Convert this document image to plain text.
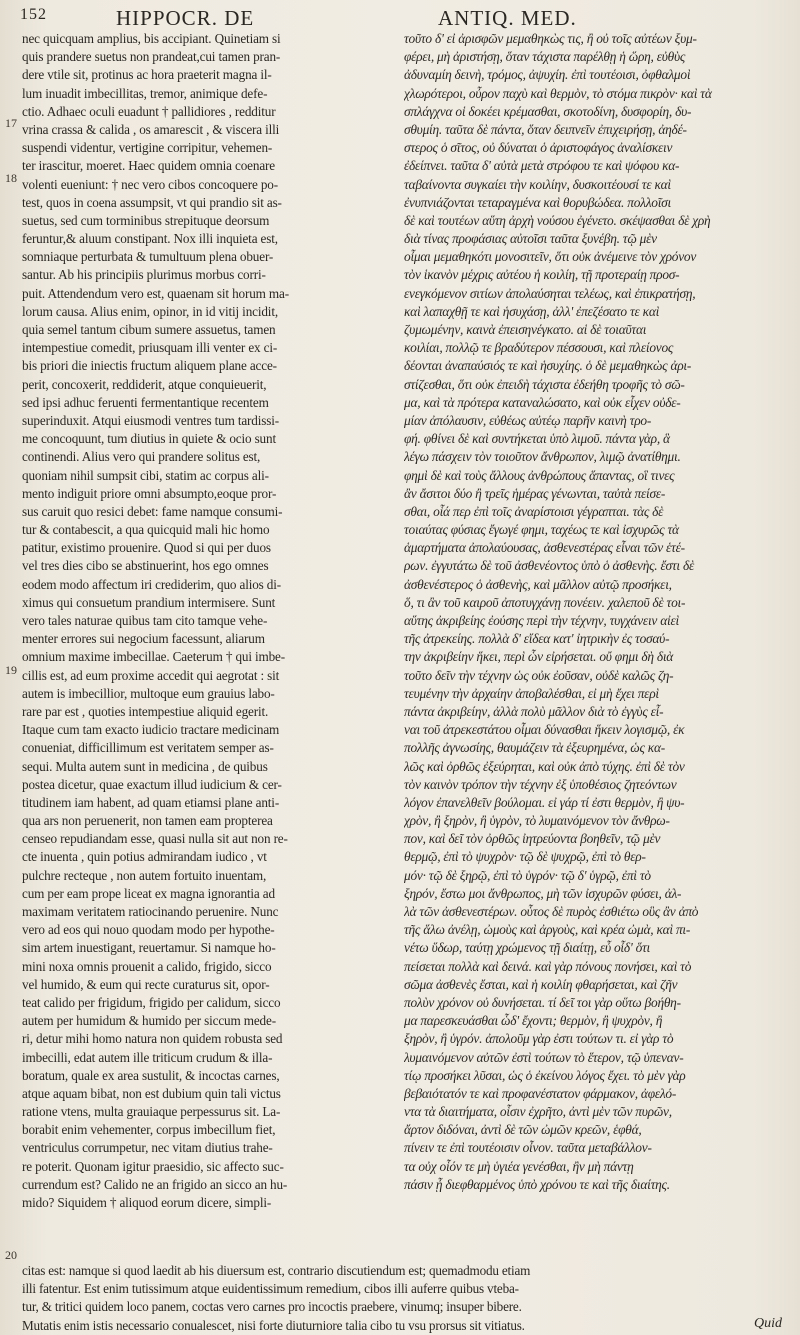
152	HIPPOCR. DE	ANTIQ. MED.
17
18
19
20
nec quicquam amplius, bis accipiant. Quinetiam si
quis prandere suetus non prandeat,cui tamen pran-
dere vtile sit, protinus ac hora praeterit magna il-
lum inuadit imbecillitas, tremor, animique defe-
ctio. Adhaec oculi euadunt † pallidiores , redditur
vrina crassa & calida , os amarescit , & viscera illi
suspendi videntur, vertigine corripitur, vehemen-
ter irascitur, moeret. Haec quidem omnia coenare
volenti eueniunt: † nec vero cibos concoquere po-
test, quos in coena assumpsit, vt qui prandio sit as-
suetus, sed cum torminibus strepituque deorsum
feruntur,& aluum constipant. Nox illi inquieta est,
somniaque perturbata & tumultuum plena obuer-
santur. Ab his principiis plurimus morbus corri-
puit. Attendendum vero est, quaenam sit horum ma-
lorum causa. Alius enim, opinor, in id vitij incidit,
quia semel tantum cibum sumere assuetus, tamen
intempestiue comedit, priusquam illi venter ex ci-
bis priori die iniectis fructum aliquem plane acce-
perit, concoxerit, reddiderit, atque conquieuerit,
sed ipsi adhuc feruenti fermentantique recentem
superinduxit. Atqui eiusmodi ventres tum tardissi-
me concoquunt, tum diutius in quiete & ocio sunt
continendi. Alius vero qui prandere solitus est,
quoniam nihil sumpsit cibi, statim ac corpus ali-
mento indiguit priore omni absumpto,eoque pror-
sus caruit quo resici debet: fame namque consumi-
tur & contabescit, a qua quicquid mali hic homo
patitur, existimo prouenire. Quod si qui per duos
vel tres dies cibo se abstinuerint, hos ego omnes
eodem modo affectum iri crediderim, quo alios di-
ximus qui consuetum prandium intermisere. Sunt
vero tales naturae quibus tam cito tamque vehe-
menter errores sui negocium facessunt, aliarum
omnium maxime imbecillae. Caeterum † qui imbe-
cillis est, ad eum proxime accedit qui aegrotat : sit
autem is imbecillior, multoque eum grauius labo-
rare par est , quoties intempestiue aliquid egerit.
Itaque cum tam exacto iudicio tractare medicinam
conueniat, difficillimum est veritatem semper as-
sequi. Multa autem sunt in medicina , de quibus
postea dicetur, quae exactum illud iudicium & cer-
titudinem iam habent, ad quam etiamsi plane anti-
qua ars non peruenerit, non tamen eam propterea
censeo repudiandam esse, quasi nulla sit aut non re-
cte inuenta , quin potius admirandam iudico , vt
pulchre recteque , non autem fortuito inuentam,
cum per eam prope liceat ex magna ignorantia ad
maximam veritatem ratiocinando peruenire. Nunc
vero ad eos qui nouo quodam modo per hypothe-
sim artem inuestigant, reuertamur. Si namque ho-
mini noxa omnis prouenit a calido, frigido, sicco
vel humido, & eum qui recte curaturus sit, opor-
teat calido per frigidum, frigido per calidum, sicco
autem per humidum & humido per siccum mede-
ri, detur mihi homo natura non quidem robusta sed
imbecilli, edat autem ille triticum crudum & illa-
boratum, quale ex area sustulit, & incoctas carnes,
atque aquam bibat, non est dubium quin tali victus
ratione vtens, multa grauiaque perpessurus sit. La-
borabit enim vehementer, corpus imbecillum fiet,
ventriculus corrumpetur, nec vitam diutius trahe-
re poterit. Quonam igitur praesidio, sic affecto suc-
currendum est? Calido ne an frigido an sicco an hu-
mido? Siquidem † aliquod eorum dicere, simpli-
τοῦτο δ' εἰ ἀρισφῶν μεμαθηκὼς τις, ἢ οὐ τοῖς αὐτέων ξυμ-
φέρει, μὴ ἀριστήσῃ, ὅταν τάχιστα παρέλθῃ ἡ ὥρη, εὐθὺς
ἀδυναμίη δεινὴ, τρόμος, ἀψυχίη. ἐπὶ τουτέοισι, ὀφθαλμοὶ
χλωρότεροι, οὖρον παχὺ καὶ θερμὸν, τὸ στόμα πικρὸν· καὶ τὰ
σπλάγχνα οἱ δοκέει κρέμασθαι, σκοτοδίνη, δυσφορίη, δυ-
σθυμίη. ταῦτα δὲ πάντα, ὅταν δειπνεῖν ἐπιχειρήσῃ, ἀηδέ-
στερος ὁ σῖτος, οὐ δύναται ὁ ἀριστοφάγος ἀναλίσκειν
ἐδείπνει. ταῦτα δ' αὐτὰ μετὰ στρόφου τε καὶ ψόφου κα-
ταβαίνοντα συγκαίει τὴν κοιλίην, δυσκοιτέουσί τε καὶ
ἐνυπνιάζονται τεταραγμένα καὶ θορυβώδεα. πολλοῖσι
δὲ καὶ τουτέων αὕτη ἀρχὴ νούσου ἐγένετο. σκέψασθαι δὲ χρὴ
διὰ τίνας προφάσιας αὐτοῖσι ταῦτα ξυνέβη. τῷ μὲν
οἶμαι μεμαθηκότι μονοσιτεῖν, ὅτι οὐκ ἀνέμεινε τὸν χρόνον
τὸν ἱκανὸν μέχρις αὐτέου ἡ κοιλίη, τῇ προτεραίῃ προσ-
ενεγκόμενον σιτίων ἀπολαύσηται τελέως, καὶ ἐπικρατήσῃ,
καὶ λαπαχθῇ τε καὶ ἡσυχάσῃ, ἀλλ' ἐπεζέσατο τε καὶ
ζυμωμένην, καινὰ ἐπεισηνέγκατο. αἱ δὲ τοιαῦται
κοιλίαι, πολλῷ τε βραδύτερον πέσσουσι, καὶ πλείονος
δέονται ἀναπαύσιός τε καὶ ἡσυχίης. ὁ δὲ μεμαθηκὼς ἀρι-
στίζεσθαι, ὅτι οὐκ ἐπειδὴ τάχιστα ἐδεήθη τροφῆς τὸ σῶ-
μα, καὶ τὰ πρότερα καταναλώσατο, καὶ οὐκ εἶχεν οὐδε-
μίαν ἀπόλαυσιν, εὐθέως αὐτέῳ παρῆν καινὴ τρο-
φή. φθίνει δὲ καὶ συντήκεται ὑπὸ λιμοῦ. πάντα γὰρ, ἃ
λέγω πάσχειν τὸν τοιοῦτον ἄνθρωπον, λιμῷ ἀνατίθημι.
φημὶ δὲ καὶ τοὺς ἄλλους ἀνθρώπους ἅπαντας, οἳ τινες
ἂν ἄσιτοι δύο ἢ τρεῖς ἡμέρας γένωνται, ταὐτὰ πείσε-
σθαι, οἷά περ ἐπὶ τοῖς ἀναρίστοισι γέγραπται. τὰς δὲ
τοιαύτας φύσιας ἔγωγέ φημι, ταχέως τε καὶ ἰσχυρῶς τὰ
ἁμαρτήματα ἀπολαύουσας, ἀσθενεστέρας εἶναι τῶν ἑτέ-
ρων. ἐγγυτάτω δὲ τοῦ ἀσθενέοντος ὑπὸ ὁ ἀσθενὴς. ἔστι δὲ
ἀσθενέστερος ὁ ἀσθενὴς, καὶ μᾶλλον αὐτῷ προσήκει,
ὅ, τι ἂν τοῦ καιροῦ ἀποτυγχάνῃ πονέειν. χαλεποῦ δὲ τοι-
αὕτης ἀκριβείης ἐούσης περὶ τὴν τέχνην, τυγχάνειν αἰεὶ
τῆς ἀτρεκείης. πολλὰ δ' εἴδεα κατ' ἰητρικὴν ἐς τοσαύ-
την ἀκριβείην ἥκει, περὶ ὧν εἰρήσεται. οὔ φημι δὴ διὰ
τοῦτο δεῖν τὴν τέχνην ὡς οὐκ ἐοῦσαν, οὐδὲ καλῶς ζη-
τευμένην τὴν ἀρχαίην ἀποβαλέσθαι, εἰ μὴ ἔχει περὶ
πάντα ἀκριβείην, ἀλλὰ πολὺ μᾶλλον διὰ τὸ ἐγγὺς εἶ-
ναι τοῦ ἀτρεκεστάτου οἶμαι δύνασθαι ἥκειν λογισμῷ, ἐκ
πολλῆς ἀγνωσίης, θαυμάζειν τὰ ἐξευρημένα, ὡς κα-
λῶς καὶ ὀρθῶς ἐξεύρηται, καὶ οὐκ ἀπὸ τύχης. ἐπὶ δὲ τὸν
τὸν καινὸν τρόπον τὴν τέχνην ἐξ ὑποθέσιος ζητεόντων
λόγον ἐπανελθεῖν βούλομαι. εἰ γάρ τί ἐστι θερμὸν, ἢ ψυ-
χρὸν, ἢ ξηρὸν, ἢ ὑγρὸν, τὸ λυμαινόμενον τὸν ἄνθρω-
πον, καὶ δεῖ τὸν ὀρθῶς ἰητρεύοντα βοηθεῖν, τῷ μὲν
θερμῷ, ἐπὶ τὸ ψυχρὸν· τῷ δὲ ψυχρῷ, ἐπὶ τὸ θερ-
μόν· τῷ δὲ ξηρῷ, ἐπὶ τὸ ὑγρόν· τῷ δ' ὑγρῷ, ἐπὶ τὸ
ξηρόν, ἔστω μοι ἄνθρωπος, μὴ τῶν ἰσχυρῶν φύσει, ἀλ-
λὰ τῶν ἀσθενεστέρων. οὗτος δὲ πυρὸς ἐσθιέτω οὓς ἂν ἀπὸ
τῆς ἅλω ἀνέλῃ, ὠμοὺς καὶ ἀργοὺς, καὶ κρέα ὠμὰ, καὶ πι-
νέτω ὕδωρ, ταύτῃ χρώμενος τῇ διαίτῃ, εὖ οἶδ' ὅτι
πείσεται πολλὰ καὶ δεινά. καὶ γὰρ πόνους πονήσει, καὶ τὸ
σῶμα ἀσθενὲς ἔσται, καὶ ἡ κοιλίη φθαρήσεται, καὶ ζῆν
πολὺν χρόνον οὐ δυνήσεται. τί δεῖ τοι γὰρ οὕτω βοήθη-
μα παρεσκευάσθαι ὧδ' ἔχοντι; θερμὸν, ἢ ψυχρὸν, ἢ
ξηρὸν, ἢ ὑγρόν. ἀπολοῦμ γὰρ ἐστι τούτων τι. εἰ γὰρ τὸ
λυμαινόμενον αὐτῶν ἐστὶ τούτων τὸ ἕτερον, τῷ ὑπεναν-
τίῳ προσήκει λῦσαι, ὡς ὁ ἐκείνου λόγος ἔχει. τὸ μὲν γὰρ
βεβαιότατόν τε καὶ προφανέστατον φάρμακον, ἀφελό-
ντα τὰ διαιτήματα, οἷσιν ἐχρῆτο, ἀντὶ μὲν τῶν πυρῶν,
ἄρτον διδόναι, ἀντὶ δὲ τῶν ὠμῶν κρεῶν, ἑφθά,
πίνειν τε ἐπὶ τουτέοισιν οἶνον. ταῦτα μεταβάλλον-
τα οὐχ οἷόν τε μὴ ὑγιέα γενέσθαι, ἢν μὴ πάντῃ
πάσιν ᾖ διεφθαρμένος ὑπὸ χρόνου τε καὶ τῆς διαίτης.
citas est: namque si quod laedit ab his diuersum est, contrario discutiendum est; quemadmodu etiam
illi fatentur. Est enim tutissimum atque euidentissimum remedium, cibos illi auferre quibus vteba-
tur, & tritici quidem loco panem, coctas vero carnes pro incoctis praebere, vinumq; insuper bibere.
Mutatis enim istis necessario conualescet, nisi forte diuturniore talia cibo tu vsu prorsus sit vitiatus.	Quid
